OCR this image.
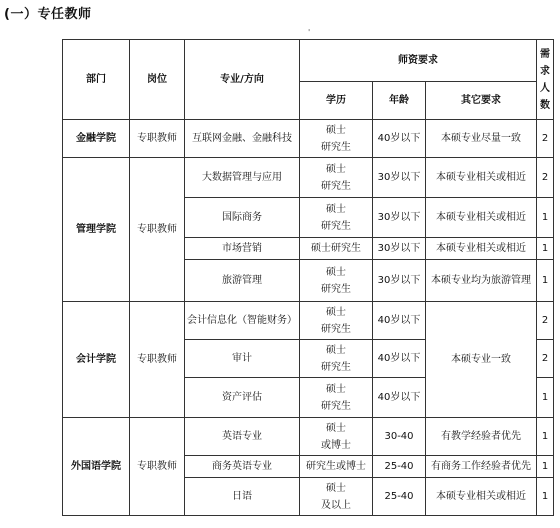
(一）专任教师
'
部门	岗位	专业/方向	师资要求			需
求
人
数

			学历	年龄	其它要求	
金融学院	专职教师	互联网金融、金融科技	硕士
研究生	40岁以下	本硕专业尽量一致	2
管理学院	专职教师	大数据管理与应用	硕士
研究生	30岁以下	本硕专业相关或相近	2
		国际商务	硕士
研究生	30岁以下	本硕专业相关或相近	1
		市场营销	硕士研究生	30岁以下	本硕专业相关或相近	1
		旅游管理	硕士
研究生	30岁以下	本硕专业均为旅游管理	1
会计学院	专职教师	会计信息化（智能财务）	硕士
研究生	40岁以下	本硕专业一致	2
		审计	硕士
研究生	40岁以下		2
		资产评估	硕士
研究生	40岁以下		1
外国语学院	专职教师	英语专业	硕士
或博士	30-40	有教学经验者优先	1
		商务英语专业	研究生或博士	25-40	有商务工作经验者优先	1
		日语	硕士
及以上	25-40	本硕专业相关或相近	1
